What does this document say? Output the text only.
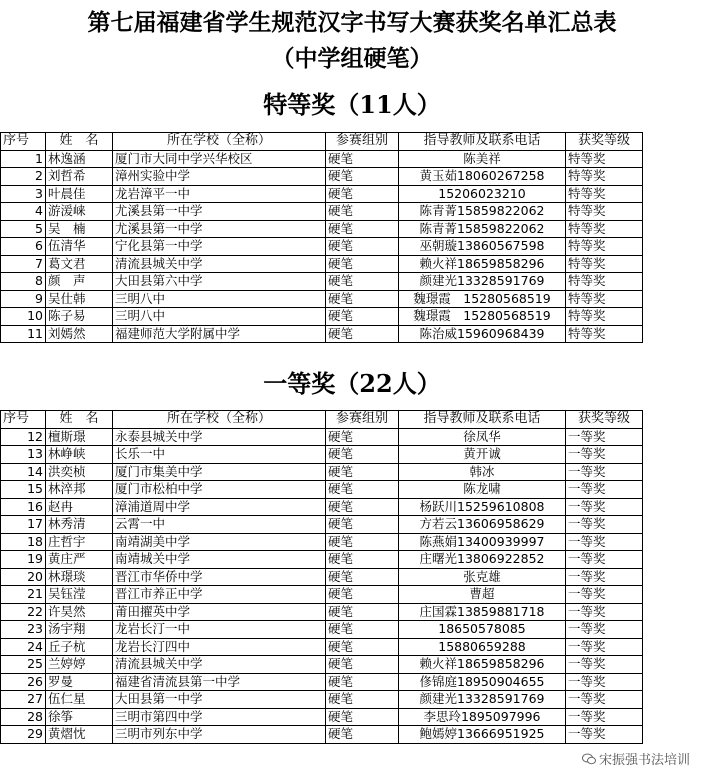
第七届福建省学生规范汉字书写大赛获奖名单汇总表
（中学组硬笔）
特等奖（11人）
序号	姓　名	所在学校（全称）	参赛组别	指导教师及联系电话	获奖等级
1	林逸涵	厦门市大同中学兴华校区	硬笔	陈美祥	特等奖
2	刘哲希	漳州实验中学	硬笔	黄玉茹18060267258	特等奖
3	叶晨佳	龙岩漳平一中	硬笔	15206023210	特等奖
4	游湲崃	尤溪县第一中学	硬笔	陈青菁15859822062	特等奖
5	吴　楠	尤溪县第一中学	硬笔	陈青菁15859822062	特等奖
6	伍清华	宁化县第一中学	硬笔	巫朝璇13860567598	特等奖
7	葛文君	清流县城关中学	硬笔	赖火祥18659858296	特等奖
8	颜　声	大田县第六中学	硬笔	颜建光13328591769	特等奖
9	吴仕韩	三明八中	硬笔	魏璟霞　15280568519	特等奖
10	陈子易	三明八中	硬笔	魏璟霞　15280568519	特等奖
11	刘嫣然	福建师范大学附属中学	硬笔	陈治威15960968439	特等奖
一等奖（22人）
序号	姓　名	所在学校（全称）	参赛组别	指导教师及联系电话	获奖等级
12	檀斯璟	永泰县城关中学	硬笔	徐凤华	一等奖
13	林峥峡	长乐一中	硬笔	黄开诚	一等奖
14	洪奕桢	厦门市集美中学	硬笔	韩冰	一等奖
15	林淬邦	厦门市松柏中学	硬笔	陈龙啸	一等奖
16	赵冉	漳浦道周中学	硬笔	杨跃川15259610808	一等奖
17	林秀清	云霄一中	硬笔	方若云13606958629	一等奖
18	庄哲宇	南靖湖美中学	硬笔	陈燕娟13400939997	一等奖
19	黄庄严	南靖城关中学	硬笔	庄曙光13806922852	一等奖
20	林璟琰	晋江市华侨中学	硬笔	张克雄	一等奖
21	吴钰滢	晋江市养正中学	硬笔	曹超	一等奖
22	许昊然	莆田擢英中学	硬笔	庄国霖13859881718	一等奖
23	汤宇翔	龙岩长汀一中	硬笔	18650578085	一等奖
24	丘子杭	龙岩长汀四中	硬笔	15880659288	一等奖
25	兰婷婷	清流县城关中学	硬笔	赖火祥18659858296	一等奖
26	罗曼	福建省清流县第一中学	硬笔	俢锦庭18950904655	一等奖
27	伍仁星	大田县第一中学	硬笔	颜建光13328591769	一等奖
28	徐筝	三明市第四中学	硬笔	李思玲1895097996	一等奖
29	黄熠忱	三明市列东中学	硬笔	鲍嫣婷13666951925	一等奖
宋振强书法培训
